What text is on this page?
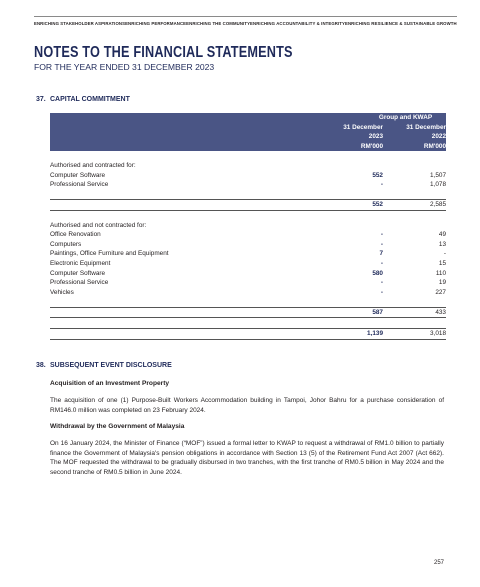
ENRICHING STAKEHOLDER ASPIRATIONS ENRICHING PERFORMANCE ENRICHING THE COMMUNITY ENRICHING ACCOUNTABILITY & INTEGRITY ENRICHING RESILIENCE & SUSTAINABLE GROWTH
NOTES TO THE FINANCIAL STATEMENTS
FOR THE YEAR ENDED 31 DECEMBER 2023
37. CAPITAL COMMITMENT
	Group and KWAP	
	31 December	31 December
	2023	2022
	RM'000	RM'000

Authorised and contracted for:		
Computer Software	552	1,507
Professional Service	-	1,078

	552	2,585

Authorised and not contracted for:		
Office Renovation	-	49
Computers	-	13
Paintings, Office Furniture and Equipment	7	-
Electronic Equipment	-	15
Computer Software	580	110
Professional Service	-	19
Vehicles	-	227

	587	433

	1,139	3,018
38. SUBSEQUENT EVENT DISCLOSURE
Acquisition of an Investment Property
The acquisition of one (1) Purpose-Built Workers Accommodation building in Tampoi, Johor Bahru for a purchase consideration of RM146.0 million was completed on 23 February 2024.
Withdrawal by the Government of Malaysia
On 16 January 2024, the Minister of Finance (“MOF”) issued a formal letter to KWAP to request a withdrawal of RM1.0 billion to partially finance the Government of Malaysia's pension obligations in accordance with Section 13 (5) of the Retirement Fund Act 2007 (Act 662). The MOF requested the withdrawal to be gradually disbursed in two tranches, with the first tranche of RM0.5 billion in May 2024 and the second tranche of RM0.5 billion in June 2024.
257
